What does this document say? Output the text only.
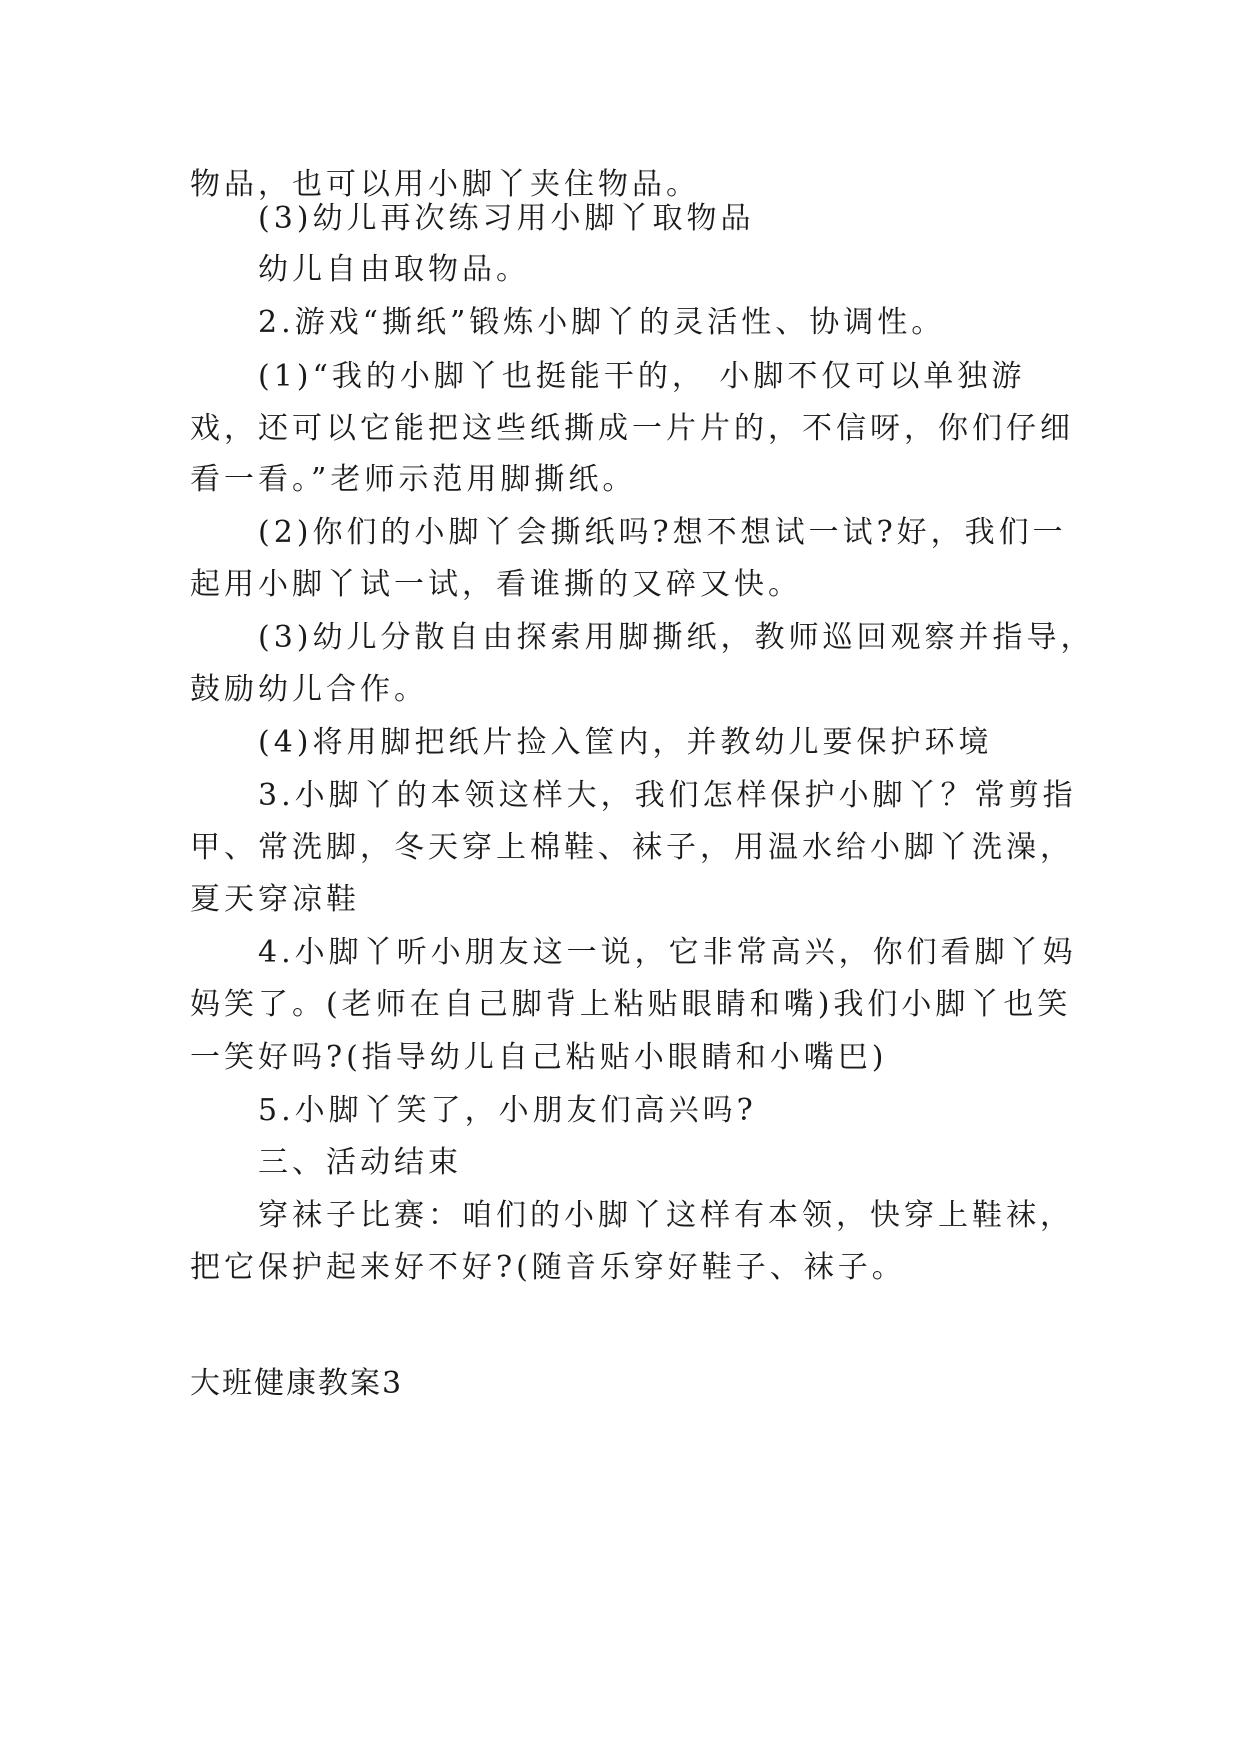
物品，也可以用小脚丫夹住物品。
(3)幼儿再次练习用小脚丫取物品
幼儿自由取物品。
2.游戏“撕纸”锻炼小脚丫的灵活性、协调性。
(1)“我的小脚丫也挺能干的， 小脚不仅可以单独游
戏，还可以它能把这些纸撕成一片片的，不信呀，你们仔细
看一看。”老师示范用脚撕纸。
(2)你们的小脚丫会撕纸吗?想不想试一试?好，我们一
起用小脚丫试一试，看谁撕的又碎又快。
(3)幼儿分散自由探索用脚撕纸，教师巡回观察并指导，
鼓励幼儿合作。
(4)将用脚把纸片捡入筐内，并教幼儿要保护环境
3.小脚丫的本领这样大，我们怎样保护小脚丫？常剪指
甲、常洗脚，冬天穿上棉鞋、袜子，用温水给小脚丫洗澡，
夏天穿凉鞋
4.小脚丫听小朋友这一说，它非常高兴，你们看脚丫妈
妈笑了。(老师在自己脚背上粘贴眼睛和嘴)我们小脚丫也笑
一笑好吗?(指导幼儿自己粘贴小眼睛和小嘴巴)
5.小脚丫笑了，小朋友们高兴吗?
三、活动结束
穿袜子比赛：咱们的小脚丫这样有本领，快穿上鞋袜，
把它保护起来好不好?(随音乐穿好鞋子、袜子。
大班健康教案3
